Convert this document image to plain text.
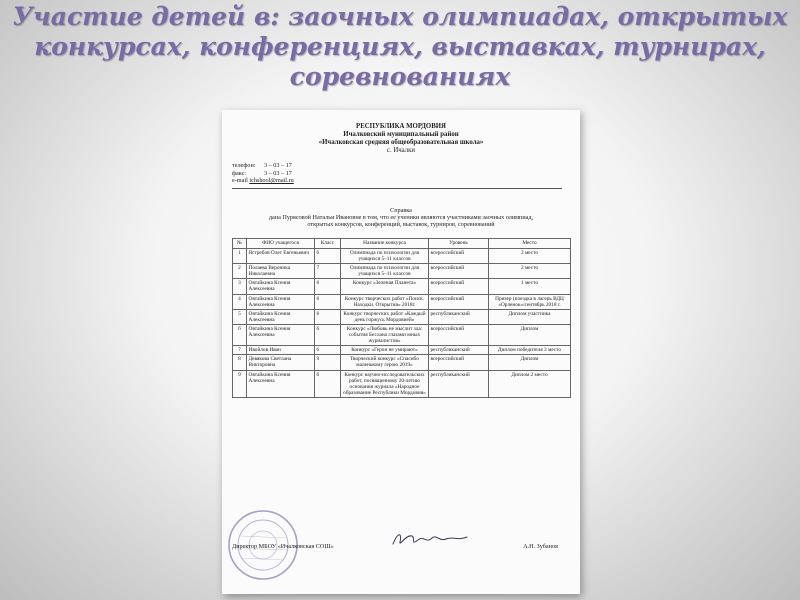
Участие детей в: заочных олимпиадах, открытых конкурсах, конференциях, выставках, турнирах, соревнованиях
РЕСПУБЛИКА МОРДОВИЯ
Ичалковский муниципальный район
«Ичалковская средняя общеобразовательная школа»
с. Ичалки
телефон: 3 – 03 – 17
факс:	3 – 03 – 17
e-mail ichshool@mail.ru
Справка
дана Пурясовой Натальи Ивановне в том, что ее ученики являются участниками заочных олимпиад,
открытых конкурсов, конференций, выставок, турниров, соревнований
№	ФИО учащегося	Класс	Название конкурса	Уровень	Место
1	Ястребов Олег Евгеньевич	6	Олимпиада по психологии для учащихся 5–11 классов	всероссийский	2 место
2	Полаева Вероника Николаевна	7	Олимпиада по психологии для учащихся 5–11 классов	всероссийский	2 место
3	Овтайкина Ксения Алексеевна	6	Конкурс «Зеленая Планета»	всероссийский	1 место
4	Овтайкина Ксения Алексеевна	6	Конкурс творческих работ «Поиск. Находки. Открытия» 2018г.	всероссийский	Призер (поездка в лагерь ВДЦ «Орленок»/сентябрь 2018 г.
5	Овтайкина Ксения Алексеевна	6	Конкурс творческих работ «Каждый день горжусь Мордовией»	республиканский	Диплом участника
6	Овтайкина Ксения Алексеевна	6	Конкурс «Любовь не мыслит зла: события Беслана глазами юных журналистов»	всероссийский	Диплом
7	Ивойлов Иван	6	Конкурс «Герои не умирают»	республиканский	Диплом победителя 3 место
8	Девякова Светлана Викторовна	9	Творческий конкурс «Спасибо маленькому герою 2019»	всероссийский	Диплом
9	Овтайкина Ксения Алексеевна	6	Конкурс научно-исследовательских работ, посвященному 20-летию основания журнала «Народное образование Республики Мордовия»	республиканский	Диплом 2 место
Директор МБОУ «Ичалковская СОШ»	А.Н. Зубанов
